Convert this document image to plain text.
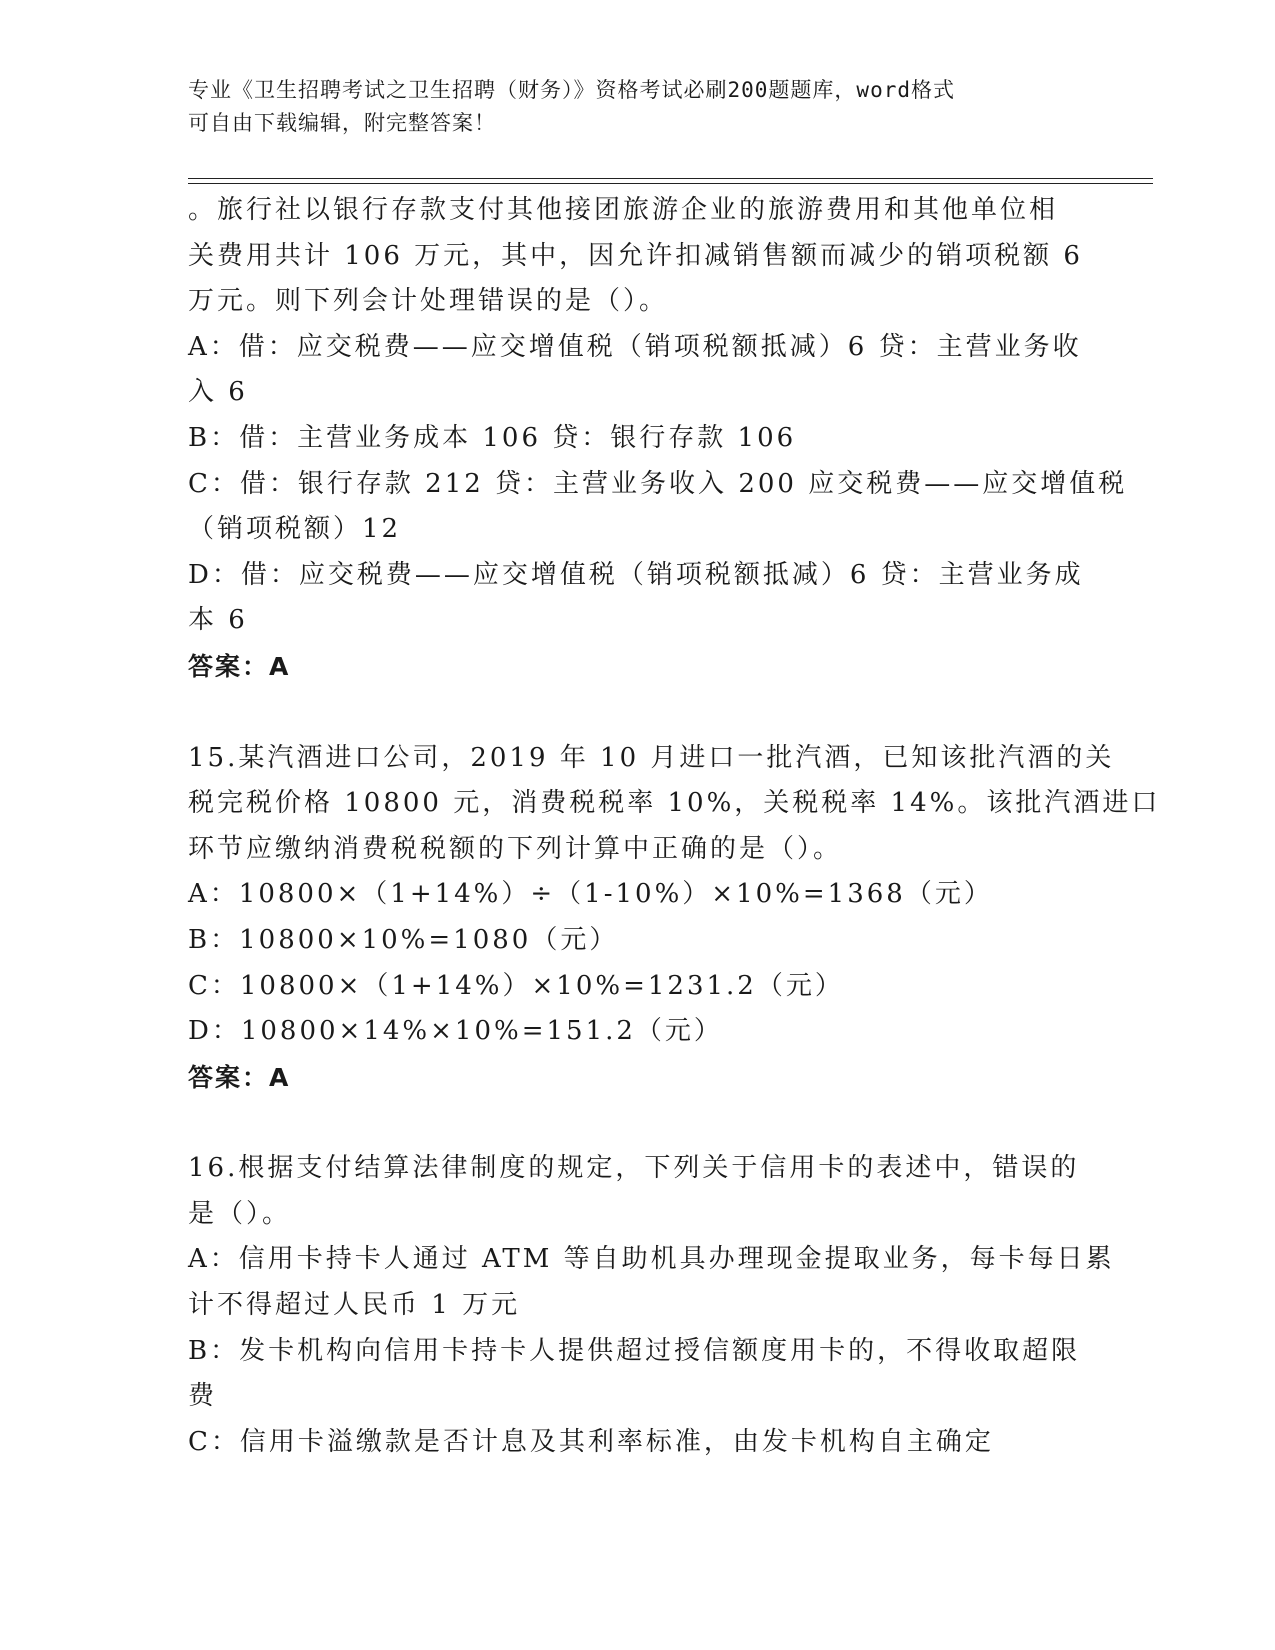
专业《卫生招聘考试之卫生招聘（财务）》资格考试必刷200题题库，word格式
可自由下载编辑，附完整答案！
。旅行社以银行存款支付其他接团旅游企业的旅游费用和其他单位相
关费用共计 106 万元，其中，因允许扣减销售额而减少的销项税额 6
万元。则下列会计处理错误的是（）。
A：借：应交税费——应交增值税（销项税额抵减）6 贷：主营业务收
入 6
B：借：主营业务成本 106 贷：银行存款 106
C：借：银行存款 212 贷：主营业务收入 200 应交税费——应交增值税
（销项税额）12
D：借：应交税费——应交增值税（销项税额抵减）6 贷：主营业务成
本 6
答案：A
15.某汽酒进口公司，2019 年 10 月进口一批汽酒，已知该批汽酒的关
税完税价格 10800 元，消费税税率 10%，关税税率 14%。该批汽酒进口
环节应缴纳消费税税额的下列计算中正确的是（）。
A：10800×（1+14%）÷（1-10%）×10%=1368（元）
B：10800×10%=1080（元）
C：10800×（1+14%）×10%=1231.2（元）
D：10800×14%×10%=151.2（元）
答案：A
16.根据支付结算法律制度的规定，下列关于信用卡的表述中，错误的
是（）。
A：信用卡持卡人通过 ATM 等自助机具办理现金提取业务，每卡每日累
计不得超过人民币 1 万元
B：发卡机构向信用卡持卡人提供超过授信额度用卡的，不得收取超限
费
C：信用卡溢缴款是否计息及其利率标准，由发卡机构自主确定
